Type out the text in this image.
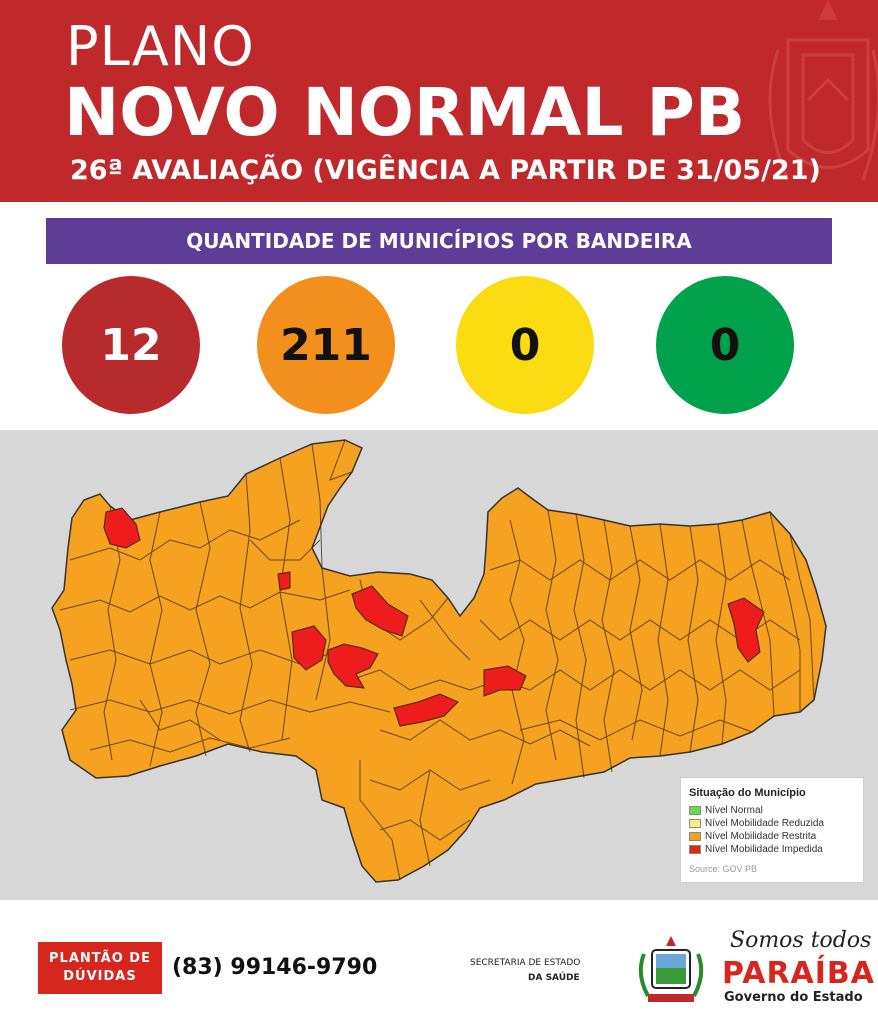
PLANO
NOVO NORMAL PB
26ª AVALIAÇÃO (VIGÊNCIA A PARTIR DE 31/05/21)
QUANTIDADE DE MUNICÍPIOS POR BANDEIRA
12	211	0	0
Situação do Município
Nível Normal
Nível Mobilidade Reduzida
Nível Mobilidade Restrita
Nível Mobilidade Impedida
Source: GOV PB
PLANTÃO DE
DÚVIDAS (83) 99146-9790	SECRETARIA DE ESTADO
DA SAÚDE
Somos todos
PARAÍBA
Governo do Estado
